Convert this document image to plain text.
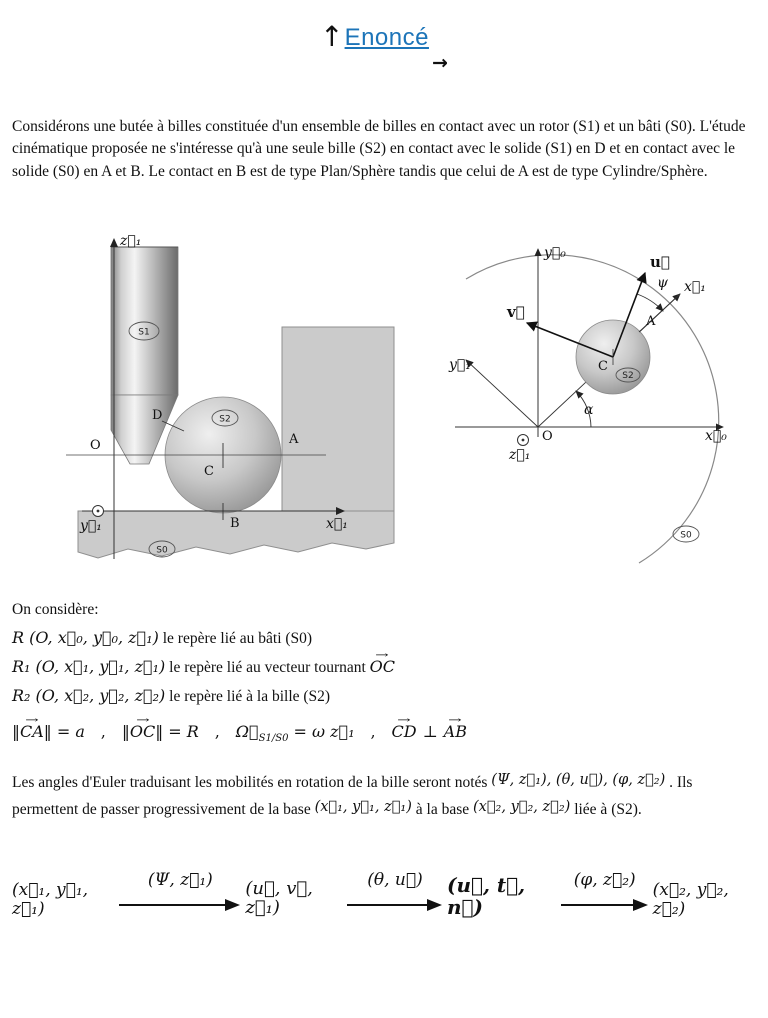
↑ Enoncé
→

Considérons une butée à billes constituée d'un ensemble de billes en contact avec un rotor (S1) et un bâti (S0). L'étude cinématique proposée ne s'intéresse qu'à une seule bille (S2) en contact avec le solide (S1) en D et en contact avec le solide (S0) en A et B. Le contact en B est de type Plan/Sphère tandis que celui de A est de type Cylindre/Sphère.

S1
S2
S0
z⃗₁
O
D
C
A
B	x⃗₁
y⃗₁
S2
S0
y⃗₀	u⃗
ψ x⃗₁
v⃗
A
C
y⃗₁
α
O	x⃗₀
z⃗₁

On considère:

R (O, x⃗₀, y⃗₀, z⃗₁) le repère lié au bâti (S0)

R₁ (O, x⃗₁, y⃗₁, z⃗₁) le repère lié au vecteur tournant OC →

R₂ (O, x⃗₂, y⃗₂, z⃗₂) le repère lié à la bille (S2)

‖CA →‖ = a , ‖OC →‖ = R , $\Omega⃗_{S1/S0} = \omega$ z⃗₁ , CD → ⊥ AB →

Les angles d'Euler traduisant les mobilités en rotation de la bille seront notés (Ψ, z⃗₁), (θ, u⃗), (φ, z⃗₂) . Ils permettent de passer progressivement de la base (x⃗₁, y⃗₁, z⃗₁) à la base (x⃗₂, y⃗₂, z⃗₂) liée à (S2).

(x⃗₁, y⃗₁, z⃗₁)
(Ψ, z⃗₁) (u⃗, v⃗, z⃗₁)
(θ, u⃗) (u⃗, t⃗, n⃗)
(φ, z⃗₂) (x⃗₂, y⃗₂, z⃗₂)
